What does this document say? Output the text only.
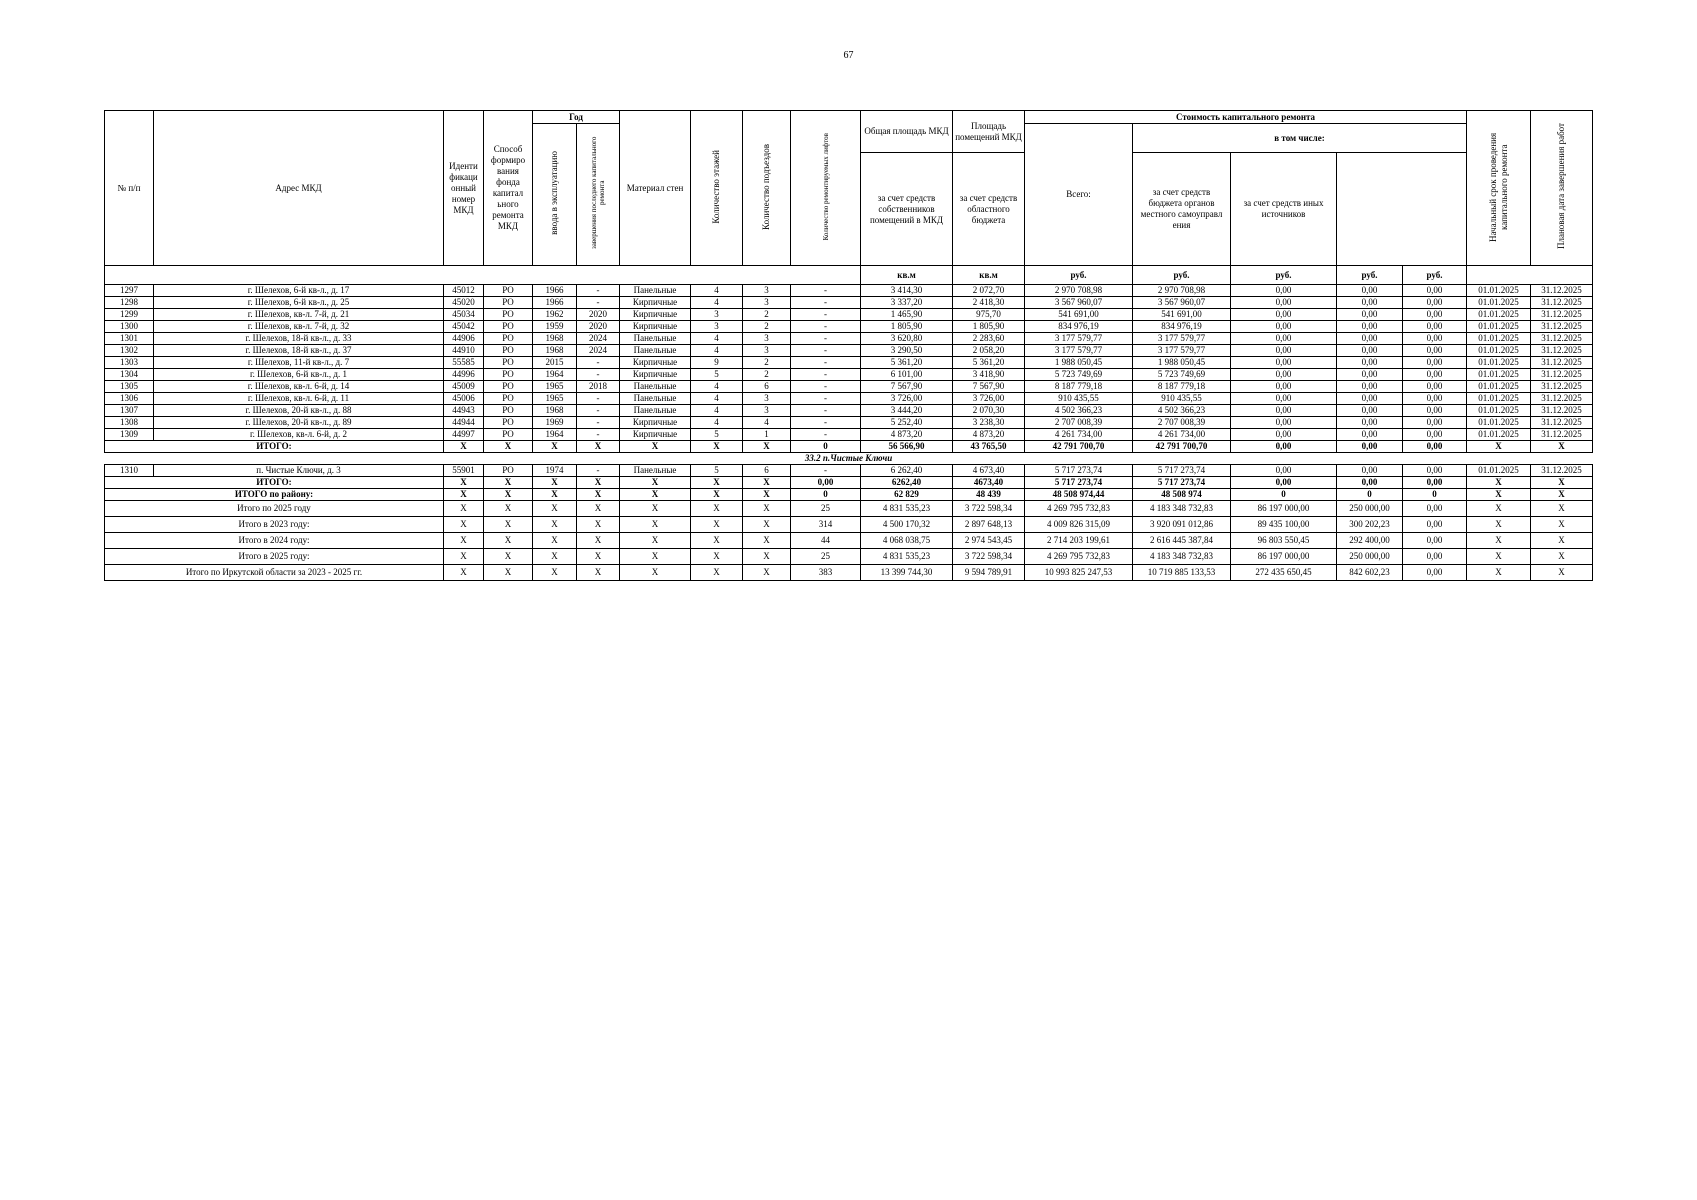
67
№ п/п	Адрес МКД	Иденти фикаци онный номер МКД	Способ формиро вания фонда капитал ьного ремонта МКД	Год		Материал стен	Количество этажей	Количество подъездов	Количество ремонтируемых лифтов	Общая площадь МКД	Площадь помещений МКД	Стоимость капитального ремонта					Начальный срок проведения капитального ремонта	Плановая дата завершения работ
				ввода в эксплуатацию	завершения последнего капитального ремонта							Всего:	в том числе:					
										за счет средств собственников помещений в МКД	за счет средств областного бюджета		за счет средств бюджета органов местного самоуправл ения	за счет средств иных источников				
										кв.м	кв.м	руб.	руб.	руб.	руб.	руб.		
1297	г. Шелехов, 6-й кв-л., д. 17	45012	РО	1966	-	Панельные	4	3	-	3 414,30	2 072,70	2 970 708,98	2 970 708,98	0,00	0,00	0,00	01.01.2025	31.12.2025
1298	г. Шелехов, 6-й кв-л., д. 25	45020	РО	1966	-	Кирпичные	4	3	-	3 337,20	2 418,30	3 567 960,07	3 567 960,07	0,00	0,00	0,00	01.01.2025	31.12.2025
1299	г. Шелехов, кв-л. 7-й, д. 21	45034	РО	1962	2020	Кирпичные	3	2	-	1 465,90	975,70	541 691,00	541 691,00	0,00	0,00	0,00	01.01.2025	31.12.2025
1300	г. Шелехов, кв-л. 7-й, д. 32	45042	РО	1959	2020	Кирпичные	3	2	-	1 805,90	1 805,90	834 976,19	834 976,19	0,00	0,00	0,00	01.01.2025	31.12.2025
1301	г. Шелехов, 18-й кв-л., д. 33	44906	РО	1968	2024	Панельные	4	3	-	3 620,80	2 283,60	3 177 579,77	3 177 579,77	0,00	0,00	0,00	01.01.2025	31.12.2025
1302	г. Шелехов, 18-й кв-л., д. 37	44910	РО	1968	2024	Панельные	4	3	-	3 290,50	2 058,20	3 177 579,77	3 177 579,77	0,00	0,00	0,00	01.01.2025	31.12.2025
1303	г. Шелехов, 11-й кв-л., д. 7	55585	РО	2015	-	Кирпичные	9	2	-	5 361,20	5 361,20	1 988 050,45	1 988 050,45	0,00	0,00	0,00	01.01.2025	31.12.2025
1304	г. Шелехов, 6-й кв-л., д. 1	44996	РО	1964	-	Кирпичные	5	2	-	6 101,00	3 418,90	5 723 749,69	5 723 749,69	0,00	0,00	0,00	01.01.2025	31.12.2025
1305	г. Шелехов, кв-л. 6-й, д. 14	45009	РО	1965	2018	Панельные	4	6	-	7 567,90	7 567,90	8 187 779,18	8 187 779,18	0,00	0,00	0,00	01.01.2025	31.12.2025
1306	г. Шелехов, кв-л. 6-й, д. 11	45006	РО	1965	-	Панельные	4	3	-	3 726,00	3 726,00	910 435,55	910 435,55	0,00	0,00	0,00	01.01.2025	31.12.2025
1307	г. Шелехов, 20-й кв-л., д. 88	44943	РО	1968	-	Панельные	4	3	-	3 444,20	2 070,30	4 502 366,23	4 502 366,23	0,00	0,00	0,00	01.01.2025	31.12.2025
1308	г. Шелехов, 20-й кв-л., д. 89	44944	РО	1969	-	Кирпичные	4	4	-	5 252,40	3 238,30	2 707 008,39	2 707 008,39	0,00	0,00	0,00	01.01.2025	31.12.2025
1309	г. Шелехов, кв-л. 6-й, д. 2	44997	РО	1964	-	Кирпичные	5	1	-	4 873,20	4 873,20	4 261 734,00	4 261 734,00	0,00	0,00	0,00	01.01.2025	31.12.2025
ИТОГО:		X	X	X	X	X	X	X	0	56 566,90	43 765,50	42 791 700,70	42 791 700,70	0,00	0,00	0,00	X	X
33.2 п.Чистые Ключи																		
1310	п. Чистые Ключи, д. 3	55901	РО	1974	-	Панельные	5	6	-	6 262,40	4 673,40	5 717 273,74	5 717 273,74	0,00	0,00	0,00	01.01.2025	31.12.2025
ИТОГО:		X	X	X	X	X	X	X	0,00	6262,40	4673,40	5 717 273,74	5 717 273,74	0,00	0,00	0,00	X	X
ИТОГО по району:		X	X	X	X	X	X	X	0	62 829	48 439	48 508 974,44	48 508 974	0	0	0	X	X
Итого по 2025 году		X	X	X	X	X	X	X	25	4 831 535,23	3 722 598,34	4 269 795 732,83	4 183 348 732,83	86 197 000,00	250 000,00	0,00	X	X
Итого в 2023 году:		X	X	X	X	X	X	X	314	4 500 170,32	2 897 648,13	4 009 826 315,09	3 920 091 012,86	89 435 100,00	300 202,23	0,00	X	X
Итого в 2024 году:		X	X	X	X	X	X	X	44	4 068 038,75	2 974 543,45	2 714 203 199,61	2 616 445 387,84	96 803 550,45	292 400,00	0,00	X	X
Итого в 2025 году:		X	X	X	X	X	X	X	25	4 831 535,23	3 722 598,34	4 269 795 732,83	4 183 348 732,83	86 197 000,00	250 000,00	0,00	X	X
Итого по Иркутской области за 2023 - 2025 гг.		X	X	X	X	X	X	X	383	13 399 744,30	9 594 789,91	10 993 825 247,53	10 719 885 133,53	272 435 650,45	842 602,23	0,00	X	X
